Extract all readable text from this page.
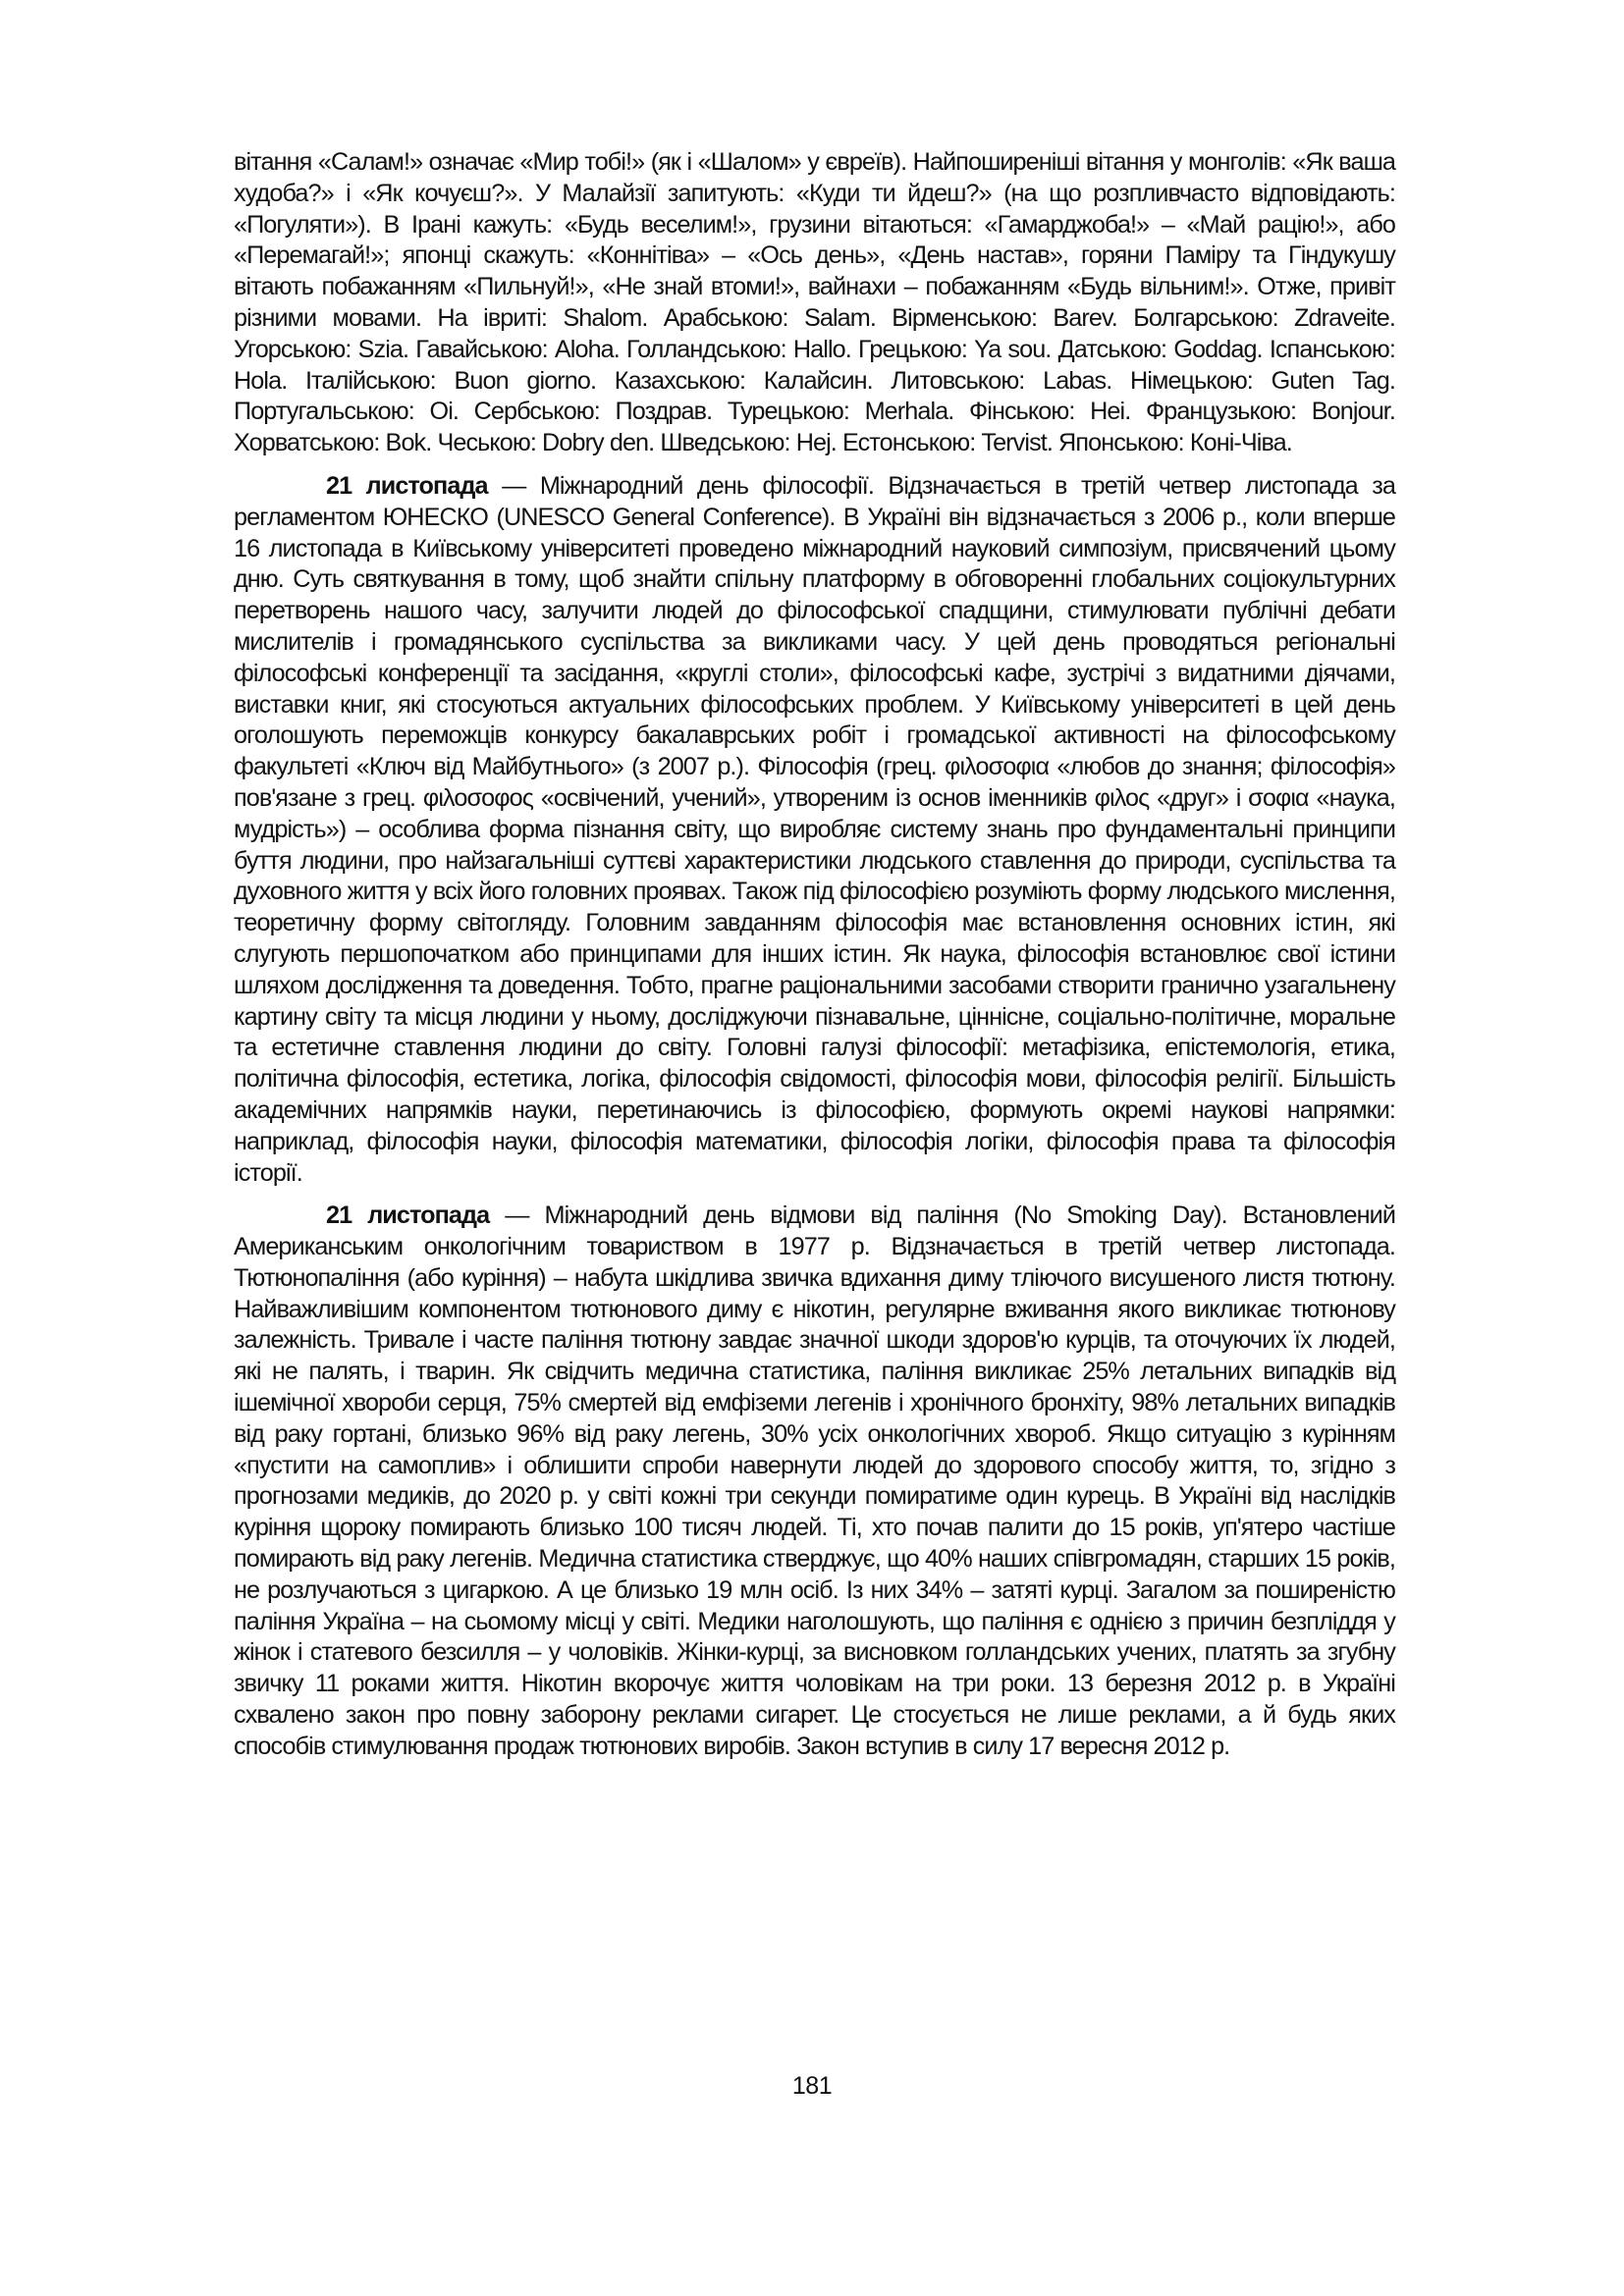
вітання «Салам!» означає «Мир тобі!» (як і «Шалом» у євреїв). Найпоширеніші вітання у монголів: «Як ваша худоба?» і «Як кочуєш?». У Малайзії запитують: «Куди ти йдеш?» (на що розпливчасто відповідають: «Погуляти»). В Ірані кажуть: «Будь веселим!», грузини вітаються: «Гамарджоба!» – «Май рацію!», або «Перемагай!»; японці скажуть: «Коннітіва» – «Ось день», «День настав», горяни Паміру та Гіндукушу вітають побажанням «Пильнуй!», «Не знай втоми!», вайнахи – побажанням «Будь вільним!». Отже, привіт різними мовами. На івриті: Shalom. Арабською: Salam. Вірменською: Barev. Болгарською: Zdraveite. Угорською: Szia. Гавайською: Aloha. Голландською: Hallo. Грецькою: Ya sou. Датською: Goddag. Іспанською: Hola. Італійською: Buon giorno. Казахською: Калайсин. Литовською: Labas. Німецькою: Guten Tag. Португальською: Oi. Сербською: Поздрав. Турецькою: Merhala. Фінською: Hei. Французькою: Bonjour. Хорватською: Bok. Чеською: Dobry den. Шведською: Hej. Естонською: Tervist. Японською: Коні-Чіва.

21 листопада — Міжнародний день філософії. Відзначається в третій четвер листопада за регламентом ЮНЕСКО (UNESCO General Conference). В Україні він відзначається з 2006 р., коли вперше 16 листопада в Київському університеті проведено міжнародний науковий симпозіум, присвячений цьому дню. Суть святкування в тому, щоб знайти спільну платформу в обговоренні глобальних соціокультурних перетворень нашого часу, залучити людей до філософської спадщини, стимулювати публічні дебати мислителів і громадянського суспільства за викликами часу. У цей день проводяться регіональні філософські конференції та засідання, «круглі столи», філософські кафе, зустрічі з видатними діячами, виставки книг, які стосуються актуальних філософських проблем. У Київському університеті в цей день оголошують переможців конкурсу бакалаврських робіт і громадської активності на філософському факультеті «Ключ від Майбутнього» (з 2007 р.). Філософія (грец. φιλοσοφια «любов до знання; філософія» пов'язане з грец. φιλοσοφος «освічений, учений», утвореним із основ іменників φιλος «друг» і σοφια «наука, мудрість») – особлива форма пізнання світу, що виробляє систему знань про фундаментальні принципи буття людини, про найзагальніші суттєві характеристики людського ставлення до природи, суспільства та духовного життя у всіх його головних проявах. Також під філософією розуміють форму людського мислення, теоретичну форму світогляду. Головним завданням філософія має встановлення основних істин, які слугують першопочатком або принципами для інших істин. Як наука, філософія встановлює свої істини шляхом дослідження та доведення. Тобто, прагне раціональними засобами створити гранично узагальнену картину світу та місця людини у ньому, досліджуючи пізнавальне, ціннісне, соціально-політичне, моральне та естетичне ставлення людини до світу. Головні галузі філософії: метафізика, епістемологія, етика, політична філософія, естетика, логіка, філософія свідомості, філософія мови, філософія релігії. Більшість академічних напрямків науки, перетинаючись із філософією, формують окремі наукові напрямки: наприклад, філософія науки, філософія математики, філософія логіки, філософія права та філософія історії.

21 листопада — Міжнародний день відмови від паління (No Smoking Day). Встановлений Американським онкологічним товариством в 1977 р. Відзначається в третій четвер листопада. Тютюнопаління (або куріння) – набута шкідлива звичка вдихання диму тліючого висушеного листя тютюну. Найважливішим компонентом тютюнового диму є нікотин, регулярне вживання якого викликає тютюнову залежність. Тривале і часте паління тютюну завдає значної шкоди здоров'ю курців, та оточуючих їх людей, які не палять, і тварин. Як свідчить медична статистика, паління викликає 25% летальних випадків від ішемічної хвороби серця, 75% смертей від емфіземи легенів і хронічного бронхіту, 98% летальних випадків від раку гортані, близько 96% від раку легень, 30% усіх онкологічних хвороб. Якщо ситуацію з курінням «пустити на самоплив» і облишити спроби навернути людей до здорового способу життя, то, згідно з прогнозами медиків, до 2020 р. у світі кожні три секунди помиратиме один курець. В Україні від наслідків куріння щороку помирають близько 100 тисяч людей. Ті, хто почав палити до 15 років, уп'ятеро частіше помирають від раку легенів. Медична статистика стверджує, що 40% наших співгромадян, старших 15 років, не розлучаються з цигаркою. А це близько 19 млн осіб. Із них 34% – затяті курці. Загалом за поширеністю паління Україна – на сьомому місці у світі. Медики наголошують, що паління є однією з причин безпліддя у жінок і статевого безсилля – у чоловіків. Жінки-курці, за висновком голландських учених, платять за згубну звичку 11 роками життя. Нікотин вкорочує життя чоловікам на три роки. 13 березня 2012 р. в Україні схвалено закон про повну заборону реклами сигарет. Це стосується не лише реклами, а й будь яких способів стимулювання продаж тютюнових виробів. Закон вступив в силу 17 вересня 2012 р.

181
